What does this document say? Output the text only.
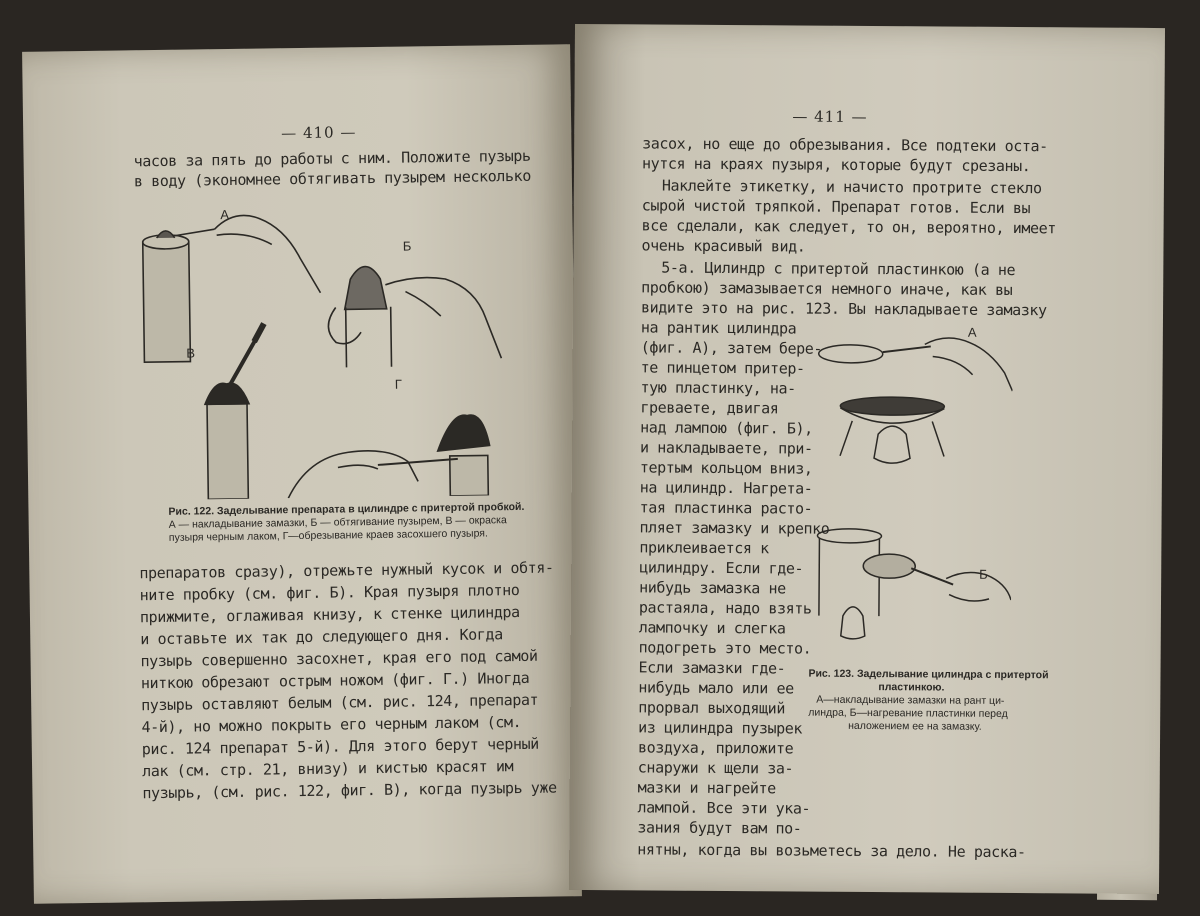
— 410 —
часов за пять до работы с ним. Положите пузырь
в воду (экономнее обтягивать пузырем несколько
А
Б
В
Г
Рис. 122. Заделывание препарата в цилиндре с притертой пробкой.
А — накладывание замазки, Б — обтягивание пузырем, В — окраска
пузыря черным лаком, Г—обрезывание краев засохшего пузыря.
препаратов сразу), отрежьте нужный кусок и обтя-
ните пробку (см. фиг. Б). Края пузыря плотно
прижмите, оглаживая книзу, к стенке цилиндра
и оставьте их так до следующего дня. Когда
пузырь совершенно засохнет, края его под самой
ниткою обрезают острым ножом (фиг. Г.) Иногда
пузырь оставляют белым (см. рис. 124, препарат
4-й), но можно покрыть его черным лаком (см.
рис. 124 препарат 5-й). Для этого берут черный
лак (см. стр. 21, внизу) и кистью красят им
пузырь, (см. рис. 122, фиг. В), когда пузырь уже
— 411 —
засох, но еще до обрезывания. Все подтеки оста-
нутся на краях пузыря, которые будут срезаны.
Наклейте этикетку, и начисто протрите стекло
сырой чистой тряпкой. Препарат готов. Если вы
все сделали, как следует, то он, вероятно, имеет
очень красивый вид.
5-а. Цилиндр с притертой пластинкою (а не
пробкою) замазывается немного иначе, как вы
видите это на рис. 123. Вы накладываете замазку
на рантик цилиндра
(фиг. А), затем бере-
те пинцетом притер-
тую пластинку, на-
греваете, двигая
над лампою (фиг. Б),
и накладываете, при-
тертым кольцом вниз,
на цилиндр. Нагрета-
тая пластинка расто-
пляет замазку и крепко
приклеивается к
цилиндру. Если где-
нибудь замазка не
растаяла, надо взять
лампочку и слегка
подогреть это место.
Если замазки где-
нибудь мало или ее
прорвал выходящий
из цилиндра пузырек
воздуха, приложите
снаружи к щели за-
мазки и нагрейте
лампой. Все эти ука-
зания будут вам по-
нятны, когда вы возьметесь за дело. Не раска-
А
Б
Рис. 123. Заделывание цилиндра с притертой
пластинкою.
А—накладывание замазки на рант ци-
линдра, Б—нагревание пластинки перед
наложением ее на замазку.
